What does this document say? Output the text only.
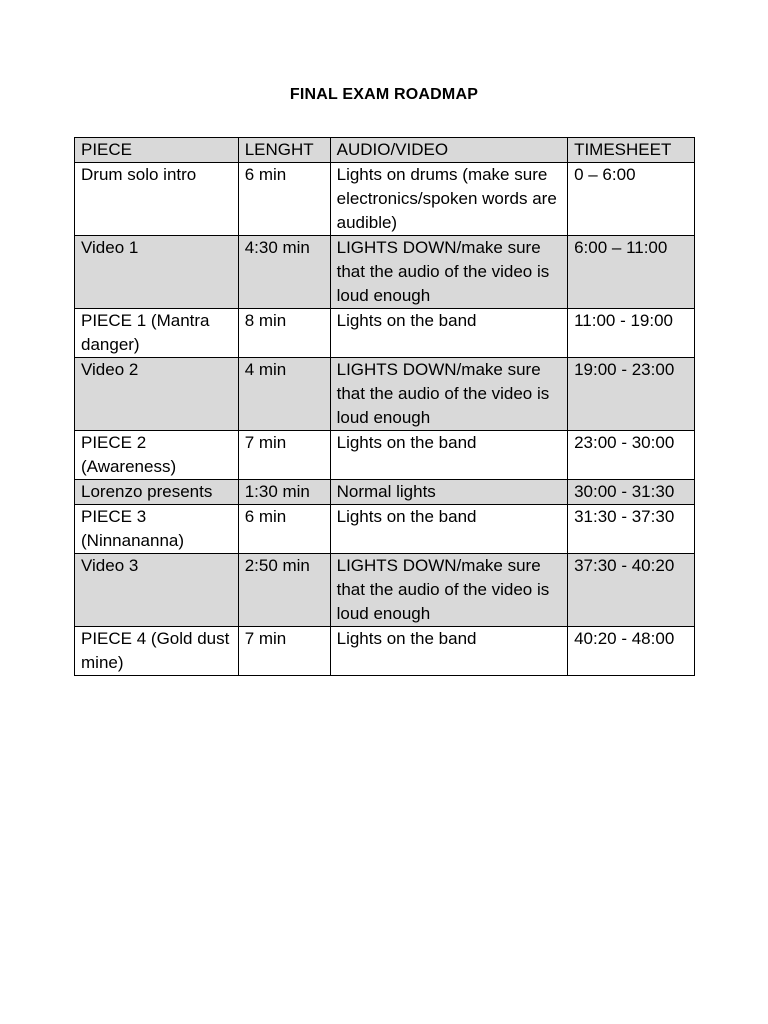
FINAL EXAM ROADMAP
PIECE	LENGHT	AUDIO/VIDEO	TIMESHEET
Drum solo intro	6 min	Lights on drums (make sure electronics/spoken words are audible)	0 – 6:00
Video 1	4:30 min	LIGHTS DOWN/make sure that the audio of the video is loud enough	6:00 – 11:00
PIECE 1 (Mantra danger)	8 min	Lights on the band	11:00 - 19:00
Video 2	4 min	LIGHTS DOWN/make sure that the audio of the video is loud enough	19:00 - 23:00
PIECE 2 (Awareness)	7 min	Lights on the band	23:00 - 30:00
Lorenzo presents	1:30 min	Normal lights	30:00 - 31:30
PIECE 3 (Ninnananna)	6 min	Lights on the band	31:30 - 37:30
Video 3	2:50 min	LIGHTS DOWN/make sure that the audio of the video is loud enough	37:30 - 40:20
PIECE 4 (Gold dust mine)	7 min	Lights on the band	40:20 - 48:00
